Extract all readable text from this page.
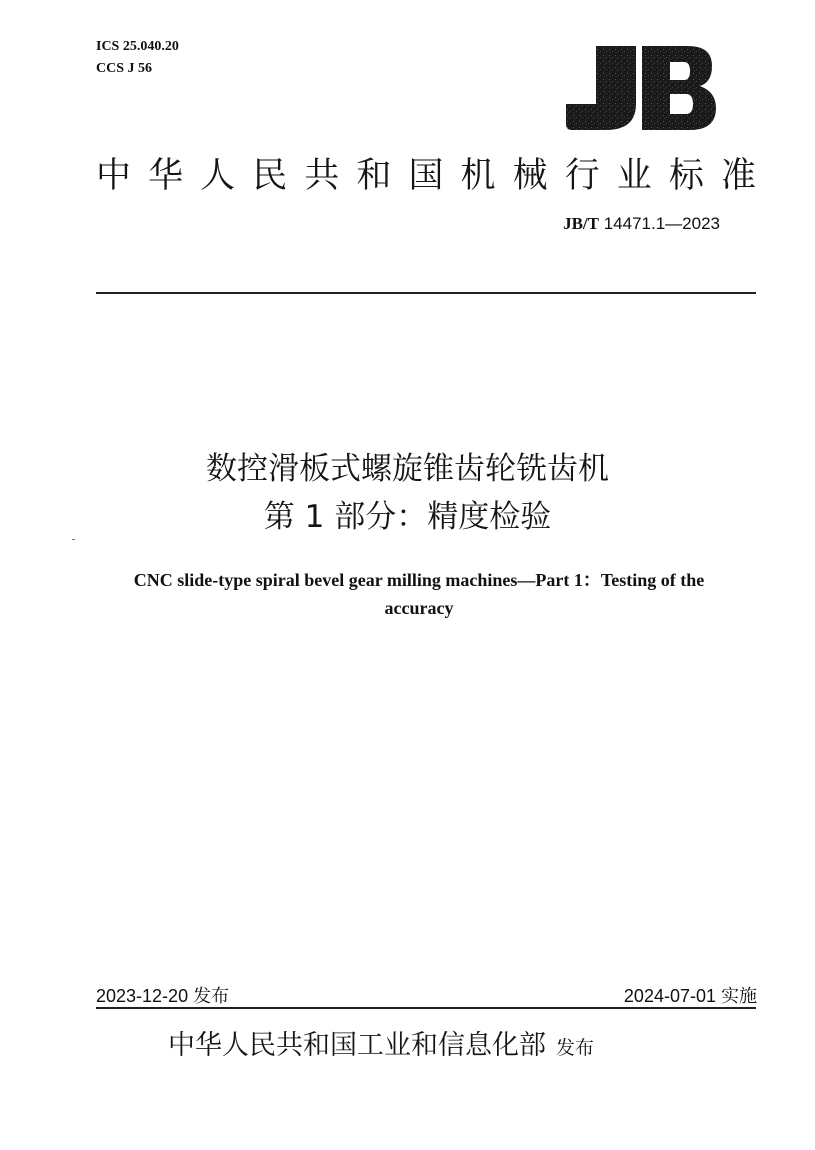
ICS 25.040.20
CCS J 56
中 华 人 民 共 和 国 机 械 行 业 标 准
JB/T 14471.1—2023
数控滑板式螺旋锥齿轮铣齿机
第 1 部分：精度检验
CNC slide-type spiral bevel gear milling machines—Part 1：Testing of the accuracy
2023-12-20 发布	2024-07-01 实施
中华人民共和国工业和信息化部 发布
